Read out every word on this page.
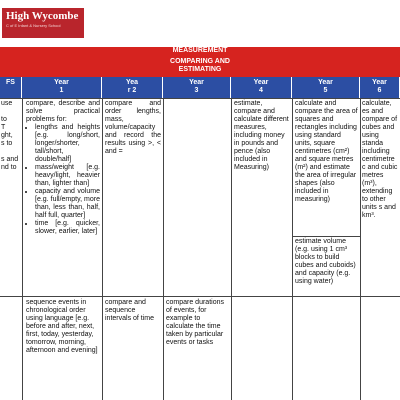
High Wycombe
C of E Infant & Nursery School
MEASUREMENT
COMPARING AND
ESTIMATING
FS	Year
1
Yea
r 2
Year
3
Year
4
Year
5
Year
6
use
to
T
ght,
s to
s and
nd to
compare, describe and solve practical problems for:
• lengths and heights [e.g. long/short, longer/shorter, tall/short, double/half]
• mass/weight [e.g. heavy/light, heavier than, lighter than]
• capacity and volume [e.g. full/empty, more than, less than, half, half full, quarter]
• time [e.g. quicker, slower, earlier, later]
compare and order lengths, mass, volume/capacity and record the results using >, < and =
estimate, compare and calculate different measures, including money in pounds and pence (also included in Measuring)
calculate and compare the area of squares and rectangles including using standard units, square centimetres (cm²) and square metres (m²) and estimate the area of irregular shapes (also included in measuring)
estimate volume (e.g. using 1 cm³ blocks to build cubes and cuboids) and capacity (e.g. using water)
calculate, es and compare of cubes and using standa including centimetre c and cubic metres (m³), extending to other units s and km³.
sequence events in chronological order using language [e.g. before and after, next, first, today, yesterday, tomorrow, morning, afternoon and evening]
compare and sequence intervals of time
compare durations of events, for example to calculate the time taken by particular events or tasks
